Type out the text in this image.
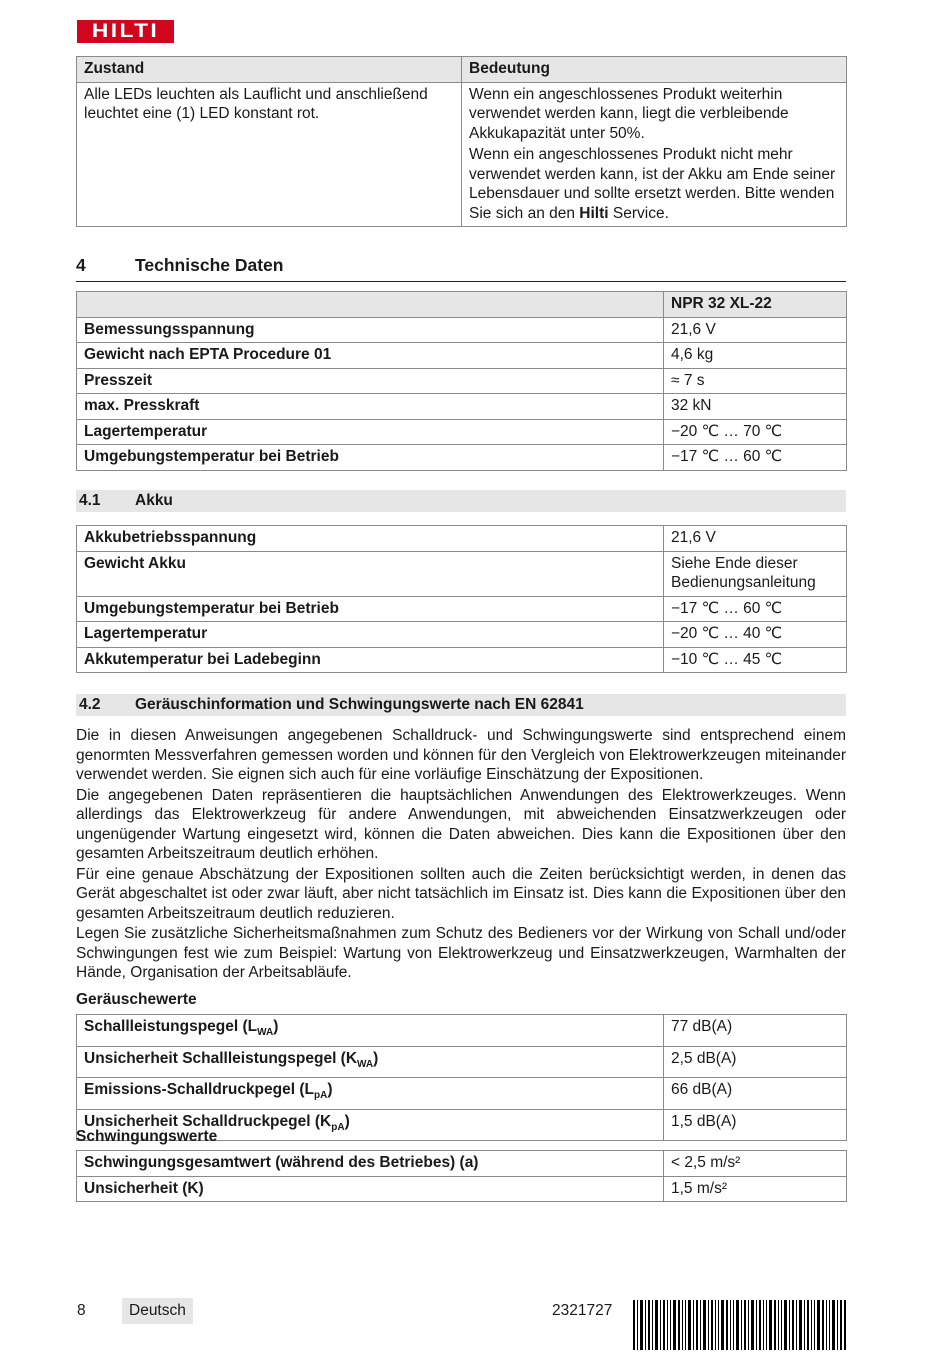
HILTI
Zustand	Bedeutung
Alle LEDs leuchten als Lauflicht und anschließend leuchtet eine (1) LED konstant rot.	Wenn ein angeschlossenes Produkt weiterhin verwendet werden kann, liegt die verbleibende Akkukapazität unter 50%.
Wenn ein angeschlossenes Produkt nicht mehr verwendet werden kann, ist der Akku am Ende seiner Lebensdauer und sollte ersetzt werden. Bitte wenden Sie sich an den Hilti Service.
4	Technische Daten
	NPR 32 XL-22
Bemessungsspannung	21,6 V
Gewicht nach EPTA Procedure 01	4,6 kg
Presszeit	≈ 7 s
max. Presskraft	32 kN
Lagertemperatur	−20 ℃ … 70 ℃
Umgebungstemperatur bei Betrieb	−17 ℃ … 60 ℃
4.1 Akku
Akkubetriebsspannung	21,6 V
Gewicht Akku	Siehe Ende dieser Bedienungsanleitung
Umgebungstemperatur bei Betrieb	−17 ℃ … 60 ℃
Lagertemperatur	−20 ℃ … 40 ℃
Akkutemperatur bei Ladebeginn	−10 ℃ … 45 ℃
4.2 Geräuschinformation und Schwingungswerte nach EN 62841

Die in diesen Anweisungen angegebenen Schalldruck- und Schwingungswerte sind entsprechend einem genormten Messverfahren gemessen worden und können für den Vergleich von Elektrowerkzeugen miteinander verwendet werden. Sie eignen sich auch für eine vorläufige Einschätzung der Expositionen.

Die angegebenen Daten repräsentieren die hauptsächlichen Anwendungen des Elektrowerkzeuges. Wenn allerdings das Elektrowerkzeug für andere Anwendungen, mit abweichenden Einsatzwerkzeugen oder ungenügender Wartung eingesetzt wird, können die Daten abweichen. Dies kann die Expositionen über den gesamten Arbeitszeitraum deutlich erhöhen.

Für eine genaue Abschätzung der Expositionen sollten auch die Zeiten berücksichtigt werden, in denen das Gerät abgeschaltet ist oder zwar läuft, aber nicht tatsächlich im Einsatz ist. Dies kann die Expositionen über den gesamten Arbeitszeitraum deutlich reduzieren.

Legen Sie zusätzliche Sicherheitsmaßnahmen zum Schutz des Bedieners vor der Wirkung von Schall und/oder Schwingungen fest wie zum Beispiel: Wartung von Elektrowerkzeug und Einsatzwerkzeugen, Warmhalten der Hände, Organisation der Arbeitsabläufe.

Geräuschewerte
Schallleistungspegel $(L_{WA})$	77 dB(A)
Unsicherheit Schallleistungspegel $(K_{WA})$	2,5 dB(A)
Emissions-Schalldruckpegel $(L_{pA})$	66 dB(A)
Unsicherheit Schalldruckpegel $(K_{pA})$	1,5 dB(A)
Schwingungswerte
Schwingungsgesamtwert (während des Betriebes) (a)	< 2,5 m/s²
Unsicherheit (K)	1,5 m/s²
8	Deutsch	2321727
